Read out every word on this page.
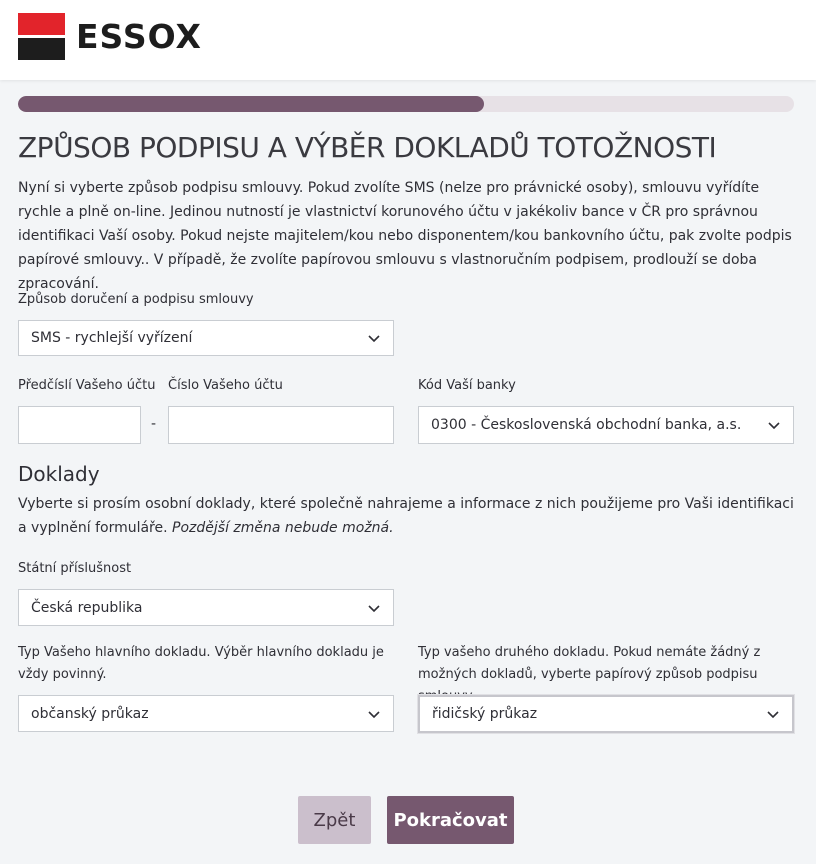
ESSOX
ZPŮSOB PODPISU A VÝBĚR DOKLADŮ TOTOŽNOSTI

Nyní si vyberte způsob podpisu smlouvy. Pokud zvolíte SMS (nelze pro právnické osoby), smlouvu vyřídíte rychle a plně on-line. Jedinou nutností je vlastnictví korunového účtu v jakékoliv bance v ČR pro správnou identifikaci Vaší osoby. Pokud nejste majitelem/kou nebo disponentem/kou bankovního účtu, pak zvolte podpis papírové smlouvy.. V případě, že zvolíte papírovou smlouvu s vlastnoručním podpisem, prodlouží se doba zpracování.

Způsob doručení a podpisu smlouvy
SMS - rychlejší vyřízení
Předčíslí Vašeho účtu
-
Číslo Vašeho účtu	Kód Vaší banky
0300 - Československá obchodní banka, a.s.
Doklady

Vyberte si prosím osobní doklady, které společně nahrajeme a informace z nich použijeme pro Vaši identifikaci a vyplnění formuláře. Pozdější změna nebude možná.

Státní příslušnost
Česká republika
Typ Vašeho hlavního dokladu. Výběr hlavního dokladu je vždy povinný.
občanský průkaz
Typ vašeho druhého dokladu. Pokud nemáte žádný z možných dokladů, vyberte papírový způsob podpisu
řidičský průkaz
Zpět	Pokračovat
